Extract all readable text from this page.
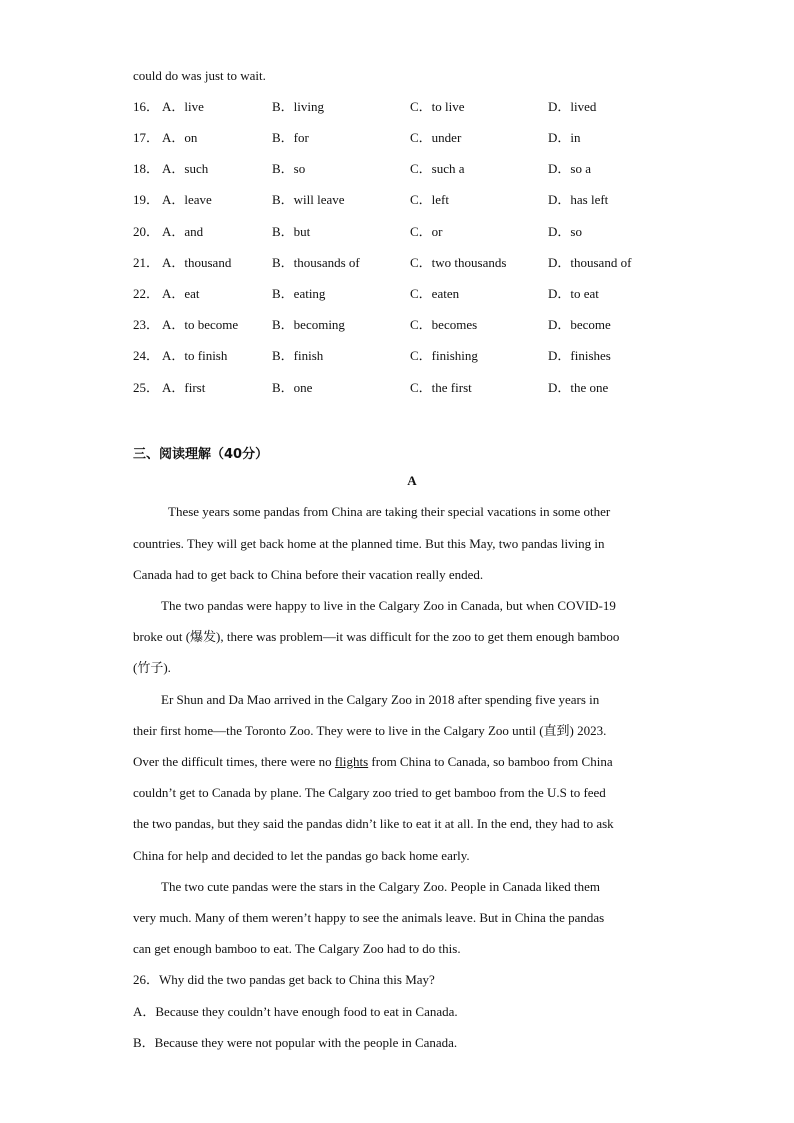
could do was just to wait.
16． A．live	B．living	C．to live	D．lived
17． A．on	B．for	C．under	D．in
18． A．such	B．so	C．such a	D．so a
19． A．leave	B．will leave	C．left	D．has left
20． A．and	B．but	C．or	D．so
21． A．thousand	B．thousands of	C．two thousands	D．thousand of
22． A．eat	B．eating	C．eaten	D．to eat
23． A．to become	B．becoming	C．becomes	D．become
24． A．to finish	B．finish	C．finishing	D．finishes
25． A．first	B．one	C．the first	D．the one
三、阅读理解（40分）
A
These years some pandas from China are taking their special vacations in some other
countries. They will get back home at the planned time. But this May, two pandas living in
Canada had to get back to China before their vacation really ended.
The two pandas were happy to live in the Calgary Zoo in Canada, but when COVID-19
broke out (爆发), there was problem—it was difficult for the zoo to get them enough bamboo
(竹子).
Er Shun and Da Mao arrived in the Calgary Zoo in 2018 after spending five years in
their first home—the Toronto Zoo. They were to live in the Calgary Zoo until (直到) 2023.
Over the difficult times, there were no flights from China to Canada, so bamboo from China
couldn’t get to Canada by plane. The Calgary zoo tried to get bamboo from the U.S to feed
the two pandas, but they said the pandas didn’t like to eat it at all. In the end, they had to ask
China for help and decided to let the pandas go back home early.
The two cute pandas were the stars in the Calgary Zoo. People in Canada liked them
very much. Many of them weren’t happy to see the animals leave. But in China the pandas
can get enough bamboo to eat. The Calgary Zoo had to do this.
26．Why did the two pandas get back to China this May?
A．Because they couldn’t have enough food to eat in Canada.
B．Because they were not popular with the people in Canada.
